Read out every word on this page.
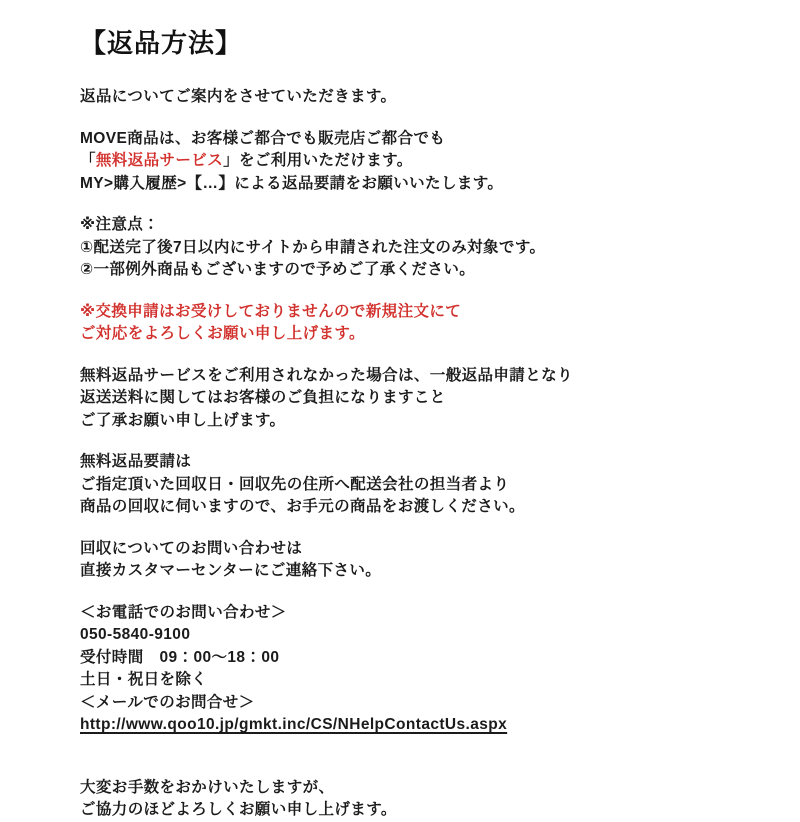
【返品方法】
返品についてご案内をさせていただきます。
MOVE商品は、お客様ご都合でも販売店ご都合でも
「無料返品サービス」をご利用いただけます。
MY>購入履歴>【…】による返品要請をお願いいたします。
※注意点：
①配送完了後7日以内にサイトから申請された注文のみ対象です。
②一部例外商品もございますので予めご了承ください。
※交換申請はお受けしておりませんので新規注文にて
ご対応をよろしくお願い申し上げます。
無料返品サービスをご利用されなかった場合は、一般返品申請となり
返送送料に関してはお客様のご負担になりますこと
ご了承お願い申し上げます。
無料返品要請は
ご指定頂いた回収日・回収先の住所へ配送会社の担当者より
商品の回収に伺いますので、お手元の商品をお渡しください。
回収についてのお問い合わせは
直接カスタマーセンターにご連絡下さい。
＜お電話でのお問い合わせ＞
050-5840-9100
受付時間　09：00～18：00
土日・祝日を除く
＜メールでのお問合せ＞
http://www.qoo10.jp/gmkt.inc/CS/NHelpContactUs.aspx
大変お手数をおかけいたしますが、
ご協力のほどよろしくお願い申し上げます。
